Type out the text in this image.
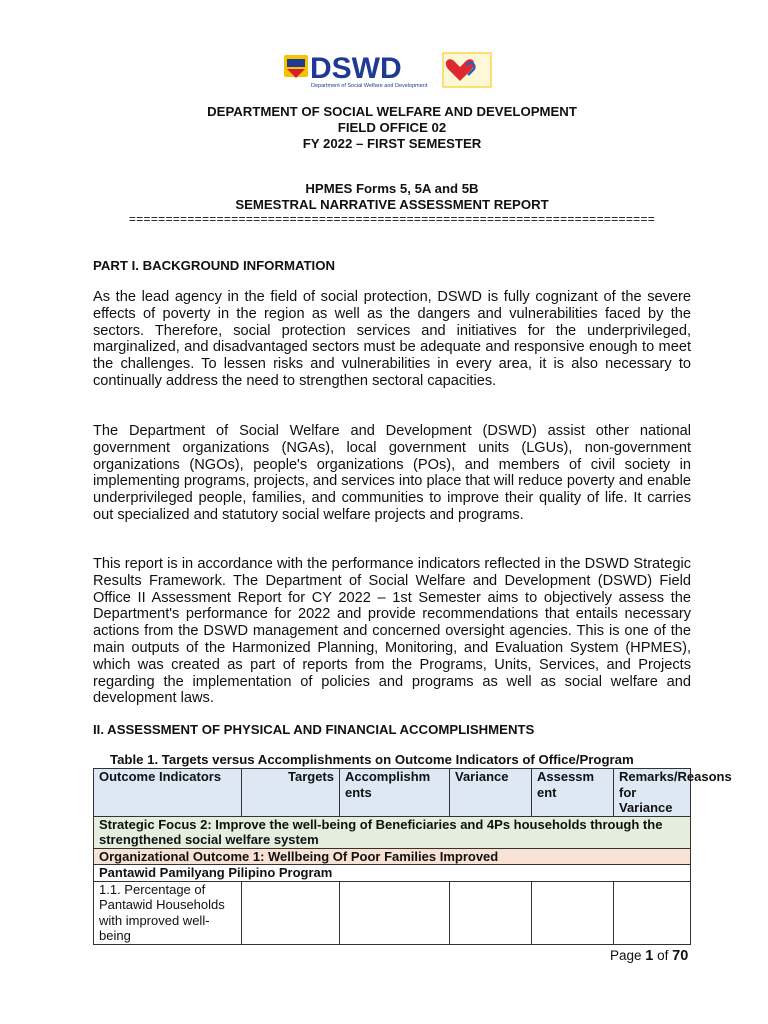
DSWD
Department of Social Welfare and Development
DEPARTMENT OF SOCIAL WELFARE AND DEVELOPMENT
FIELD OFFICE 02
FY 2022 – FIRST SEMESTER
HPMES Forms 5, 5A and 5B
SEMESTRAL NARRATIVE ASSESSMENT REPORT
========================================================================
PART I. BACKGROUND INFORMATION

As the lead agency in the field of social protection, DSWD is fully cognizant of the severe effects of poverty in the region as well as the dangers and vulnerabilities faced by the sectors. Therefore, social protection services and initiatives for the underprivileged, marginalized, and disadvantaged sectors must be adequate and responsive enough to meet the challenges. To lessen risks and vulnerabilities in every area, it is also necessary to continually address the need to strengthen sectoral capacities.

The Department of Social Welfare and Development (DSWD) assist other national government organizations (NGAs), local government units (LGUs), non-government organizations (NGOs), people's organizations (POs), and members of civil society in implementing programs, projects, and services into place that will reduce poverty and enable underprivileged people, families, and communities to improve their quality of life. It carries out specialized and statutory social welfare projects and programs.

This report is in accordance with the performance indicators reflected in the DSWD Strategic Results Framework. The Department of Social Welfare and Development (DSWD) Field Office II Assessment Report for CY 2022 – 1st Semester aims to objectively assess the Department's performance for 2022 and provide recommendations that entails necessary actions from the DSWD management and concerned oversight agencies. This is one of the main outputs of the Harmonized Planning, Monitoring, and Evaluation System (HPMES), which was created as part of reports from the Programs, Units, Services, and Projects regarding the implementation of policies and programs as well as social welfare and development laws.

II. ASSESSMENT OF PHYSICAL AND FINANCIAL ACCOMPLISHMENTS
Table 1. Targets versus Accomplishments on Outcome Indicators of Office/Program
Outcome Indicators	Targets	Accomplishm ents	Variance	Assessm ent	Remarks/Reasons for Variance
Strategic Focus 2: Improve the well-being of Beneficiaries and 4Ps households through the strengthened social welfare system					
Organizational Outcome 1: Wellbeing Of Poor Families Improved					
Pantawid Pamilyang Pilipino Program					
1.1. Percentage of Pantawid Households with improved well-being					
Page 1 of 70
